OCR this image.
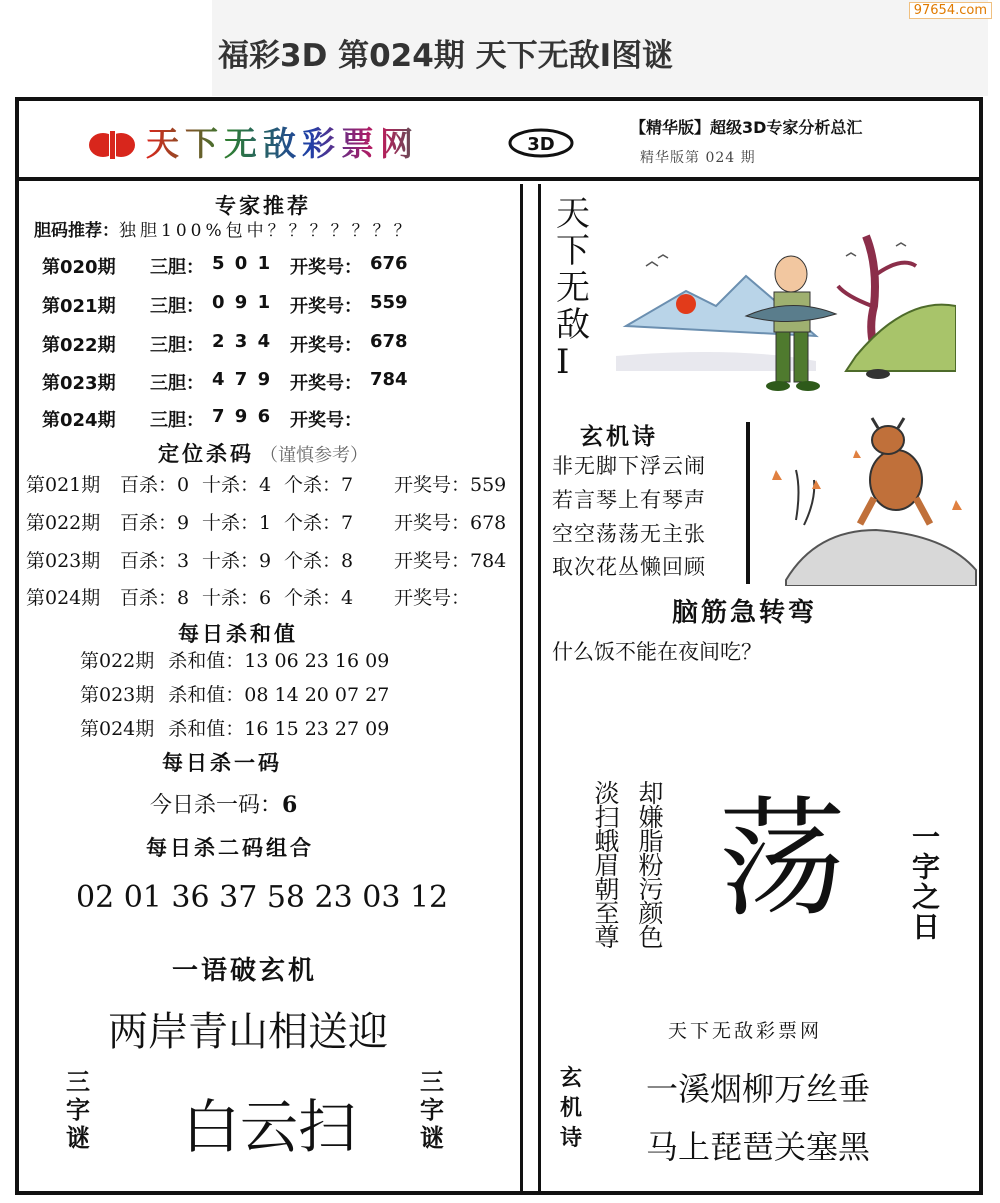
97654.com
福彩3D 第024期 天下无敌Ⅰ图谜
天下无敌彩票网	3D
【精华版】超级3D专家分析总汇
精华版第 024 期
专家推荐
胆码推荐：独胆100%包中？？？？？？？
第020期 三胆： 5 0 1 开奖号： 676
第021期 三胆： 0 9 1 开奖号： 559
第022期 三胆： 2 3 4 开奖号： 678
第023期 三胆： 4 7 9 开奖号： 784
第024期 三胆： 7 9 6 开奖号：
定位杀码 （谨慎参考）
第021期 百杀：0 十杀：4 个杀：7 开奖号：559
第022期 百杀：9 十杀：1 个杀：7 开奖号：678
第023期 百杀：3 十杀：9 个杀：8 开奖号：784
第024期 百杀：8 十杀：6 个杀：4 开奖号：
每日杀和值
第022期 杀和值：13 06 23 16 09
第023期 杀和值：08 14 20 07 27
第024期 杀和值：16 15 23 27 09
每日杀一码
今日杀一码：6
每日杀二码组合
02 01 36 37 58 23 03 12
一语破玄机
两岸青山相送迎
三字谜 白云扫
三字谜
天下无敌Ⅰ
玄机诗
非无脚下浮云闹
若言琴上有琴声
空空荡荡无主张
取次花丛懒回顾
脑筋急转弯
什么饭不能在夜间吃？
淡扫蛾眉朝至尊 却嫌脂粉污颜色 荡 一字之日
天下无敌彩票网
玄机诗
一溪烟柳万丝垂
马上琵琶关塞黑
